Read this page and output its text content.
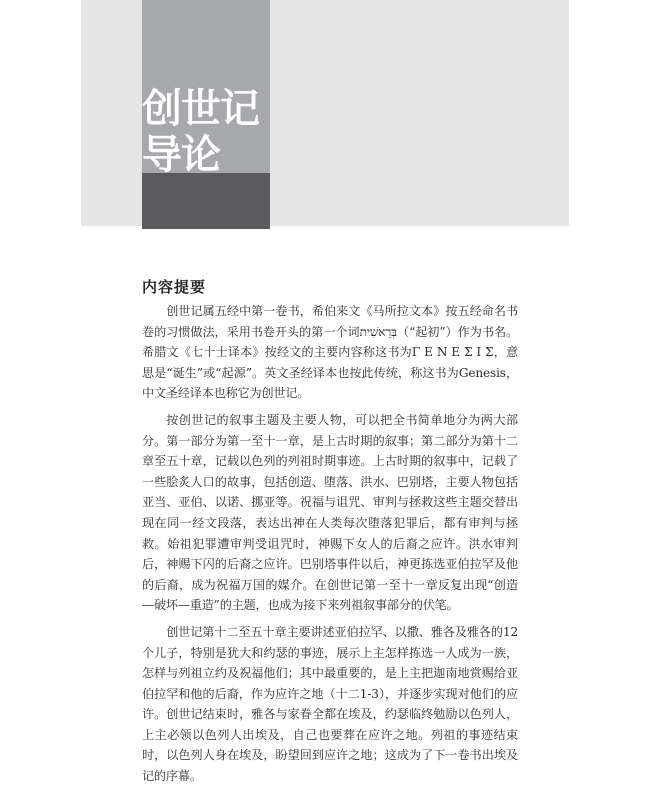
创世记
导论
内容提要

创世记属五经中第一卷书，希伯来文《马所拉文本》按五经命名书卷的习惯做法，采用书卷开头的第一个词בְּרֵאשִׁית（“起初”）作为书名。希腊文《七十士译本》按经文的主要内容称这书为Γ Ε Ν Ε Σ Ι Σ，意思是“诞生”或“起源”。英文圣经译本也按此传统，称这书为Genesis，中文圣经译本也称它为创世记。

按创世记的叙事主题及主要人物，可以把全书简单地分为两大部分。第一部分为第一至十一章，是上古时期的叙事；第二部分为第十二章至五十章，记载以色列的列祖时期事迹。上古时期的叙事中，记载了一些脍炙人口的故事，包括创造、堕落、洪水、巴别塔，主要人物包括亚当、亚伯、以诺、挪亚等。祝福与诅咒、审判与拯救这些主题交替出现在同一经文段落，表达出神在人类每次堕落犯罪后，都有审判与拯救。始祖犯罪遭审判受诅咒时，神赐下女人的后裔之应许。洪水审判后，神赐下闪的后裔之应许。巴别塔事件以后，神更拣选亚伯拉罕及他的后裔，成为祝福万国的媒介。在创世记第一至十一章反复出现“创造—破坏—重造”的主题，也成为接下来列祖叙事部分的伏笔。

创世记第十二至五十章主要讲述亚伯拉罕、以撒、雅各及雅各的12个儿子，特别是犹大和约瑟的事迹，展示上主怎样拣选一人成为一族，怎样与列祖立约及祝福他们；其中最重要的，是上主把迦南地赏赐给亚伯拉罕和他的后裔，作为应许之地（十二1-3），并逐步实现对他们的应许。创世记结束时，雅各与家眷全都在埃及，约瑟临终勉励以色列人，上主必领以色列人出埃及，自己也要葬在应许之地。列祖的事迹结束时，以色列人身在埃及，盼望回到应许之地；这成为了下一卷书出埃及记的序幕。
